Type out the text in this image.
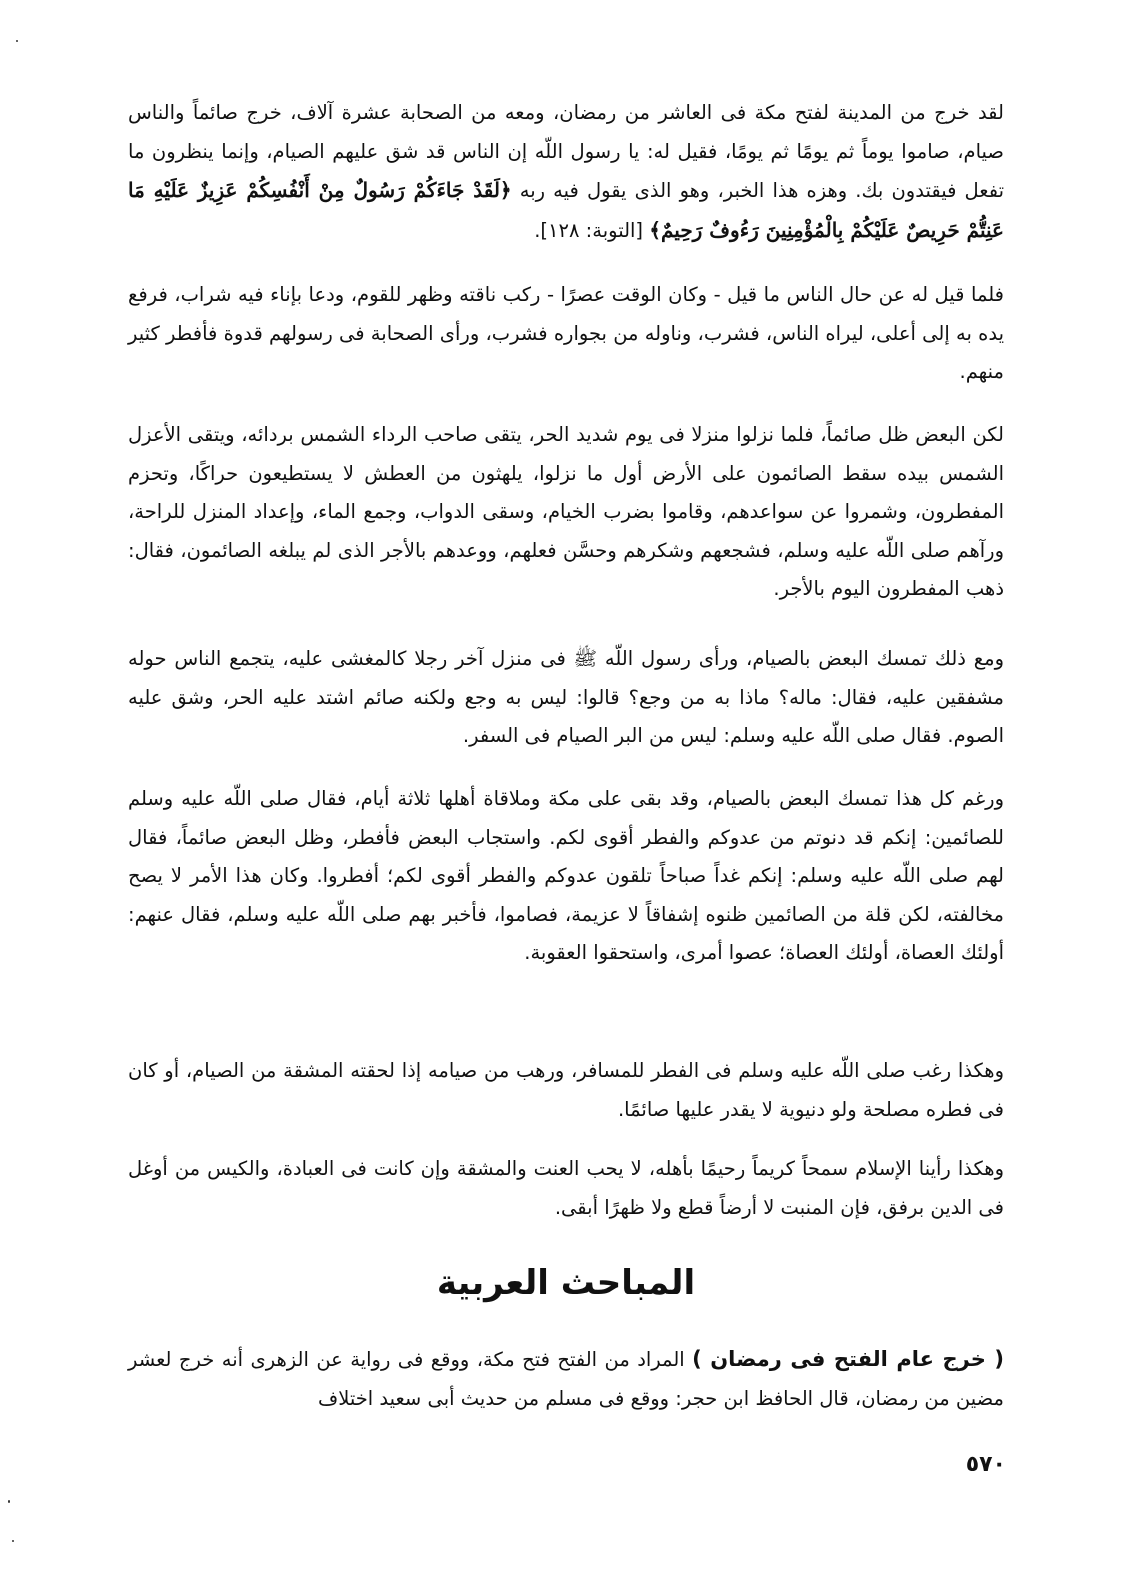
لقد خرج من المدينة لفتح مكة فى العاشر من رمضان، ومعه من الصحابة عشرة آلاف، خرج صائماً والناس صيام، صاموا يوماً ثم يومًا ثم يومًا، فقيل له: يا رسول اللّه إن الناس قد شق عليهم الصيام، وإنما ينظرون ما تفعل فيقتدون بك. وهزه هذا الخبر، وهو الذى يقول فيه ربه ﴿لَقَدْ جَاءَكُمْ رَسُولٌ مِنْ أَنْفُسِكُمْ عَزِيزٌ عَلَيْهِ مَا عَنِتُّمْ حَرِيصٌ عَلَيْكُمْ بِالْمُؤْمِنِينَ رَءُوفٌ رَحِيمٌ﴾ [التوبة: ١٢٨].

فلما قيل له عن حال الناس ما قيل - وكان الوقت عصرًا - ركب ناقته وظهر للقوم، ودعا بإناء فيه شراب، فرفع يده به إلى أعلى، ليراه الناس، فشرب، وناوله من بجواره فشرب، ورأى الصحابة فى رسولهم قدوة فأفطر كثير منهم.

لكن البعض ظل صائماً، فلما نزلوا منزلا فى يوم شديد الحر، يتقى صاحب الرداء الشمس بردائه، ويتقى الأعزل الشمس بيده سقط الصائمون على الأرض أول ما نزلوا، يلهثون من العطش لا يستطيعون حراكًا، وتحزم المفطرون، وشمروا عن سواعدهم، وقاموا بضرب الخيام، وسقى الدواب، وجمع الماء، وإعداد المنزل للراحة، ورآهم صلى اللّه عليه وسلم، فشجعهم وشكرهم وحسَّن فعلهم، ووعدهم بالأجر الذى لم يبلغه الصائمون، فقال: ذهب المفطرون اليوم بالأجر.

ومع ذلك تمسك البعض بالصيام، ورأى رسول اللّه ﷺ فى منزل آخر رجلا كالمغشى عليه، يتجمع الناس حوله مشفقين عليه، فقال: ماله؟ ماذا به من وجع؟ قالوا: ليس به وجع ولكنه صائم اشتد عليه الحر، وشق عليه الصوم. فقال صلى اللّه عليه وسلم: ليس من البر الصيام فى السفر.

ورغم كل هذا تمسك البعض بالصيام، وقد بقى على مكة وملاقاة أهلها ثلاثة أيام، فقال صلى اللّه عليه وسلم للصائمين: إنكم قد دنوتم من عدوكم والفطر أقوى لكم. واستجاب البعض فأفطر، وظل البعض صائماً، فقال لهم صلى اللّه عليه وسلم: إنكم غداً صباحاً تلقون عدوكم والفطر أقوى لكم؛ أفطروا. وكان هذا الأمر لا يصح مخالفته، لكن قلة من الصائمين ظنوه إشفاقاً لا عزيمة، فصاموا، فأخبر بهم صلى اللّه عليه وسلم، فقال عنهم: أولئك العصاة، أولئك العصاة؛ عصوا أمرى، واستحقوا العقوبة.

وهكذا رغب صلى اللّه عليه وسلم فى الفطر للمسافر، ورهب من صيامه إذا لحقته المشقة من الصيام، أو كان فى فطره مصلحة ولو دنيوية لا يقدر عليها صائمًا.

وهكذا رأينا الإسلام سمحاً كريماً رحيمًا بأهله، لا يحب العنت والمشقة وإن كانت فى العبادة، والكيس من أوغل فى الدين برفق، فإن المنبت لا أرضاً قطع ولا ظهرًا أبقى.

المباحث العربية

( خرج عام الفتح فى رمضان ) المراد من الفتح فتح مكة، ووقع فى رواية عن الزهرى أنه خرج لعشر مضين من رمضان، قال الحافظ ابن حجر: ووقع فى مسلم من حديث أبى سعيد اختلاف

٥٧٠
